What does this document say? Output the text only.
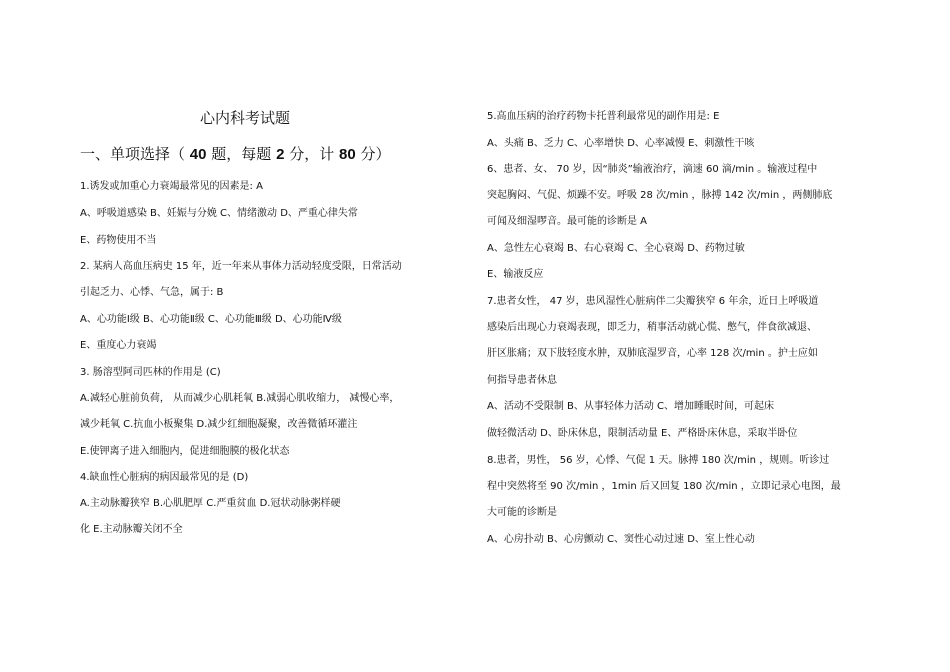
心内科考试题
一、单项选择（ 40 题，每题 2 分，计 80 分）
1.诱发或加重心力衰竭最常见的因素是: A
A、呼吸道感染 B、妊娠与分娩 C、情绪激动 D、严重心律失常
E、药物使用不当
2. 某病人高血压病史 15 年，近一年来从事体力活动轻度受限，日常活动
引起乏力、心悸、气急，属于: B
A、心功能Ⅰ级 B、心功能Ⅱ级 C、心功能Ⅲ级 D、心功能Ⅳ级
E、重度心力衰竭
3. 肠溶型阿司匹林的作用是 (C)
A.减轻心脏前负荷， 从而减少心肌耗氧 B.减弱心肌收缩力， 减慢心率，
减少耗氧 C.抗血小板聚集 D.减少红细胞凝聚，改善微循环灌注
E.使钾离子进入细胞内，促进细胞膜的极化状态
4.缺血性心脏病的病因最常见的是 (D)
A.主动脉瓣狭窄 B.心肌肥厚 C.严重贫血 D.冠状动脉粥样硬
化 E.主动脉瓣关闭不全
5.高血压病的治疗药物卡托普利最常见的副作用是: E
A、头痛 B、乏力 C、心率增快 D、心率减慢 E、刺激性干咳
6、患者、女、 70 岁，因“肺炎”输液治疗，滴速 60 滴/min 。输液过程中
突起胸闷、气促、烦躁不安。呼吸 28 次/min ，脉搏 142 次/min ，两侧肺底
可闻及细湿啰音。最可能的诊断是 A
A、急性左心衰竭 B、右心衰竭 C、全心衰竭 D、药物过敏
E、输液反应
7.患者女性， 47 岁，患风湿性心脏病伴二尖瓣狭窄 6 年余，近日上呼吸道
感染后出现心力衰竭表现，即乏力，稍事活动就心慌、憋气，伴食欲减退、
肝区胀痛；双下肢轻度水肿，双肺底湿罗音，心率 128 次/min 。护士应如
何指导患者休息
A、活动不受限制 B、从事轻体力活动 C、增加睡眠时间，可起床
做轻微活动 D、卧床休息，限制活动量 E、严格卧床休息，采取半卧位
8.患者，男性， 56 岁，心悸、气促 1 天。脉搏 180 次/min ，规则。听诊过
程中突然将至 90 次/min ，1min 后又回复 180 次/min ，立即记录心电图，最
大可能的诊断是
A、心房扑动 B、心房颤动 C、窦性心动过速 D、室上性心动
